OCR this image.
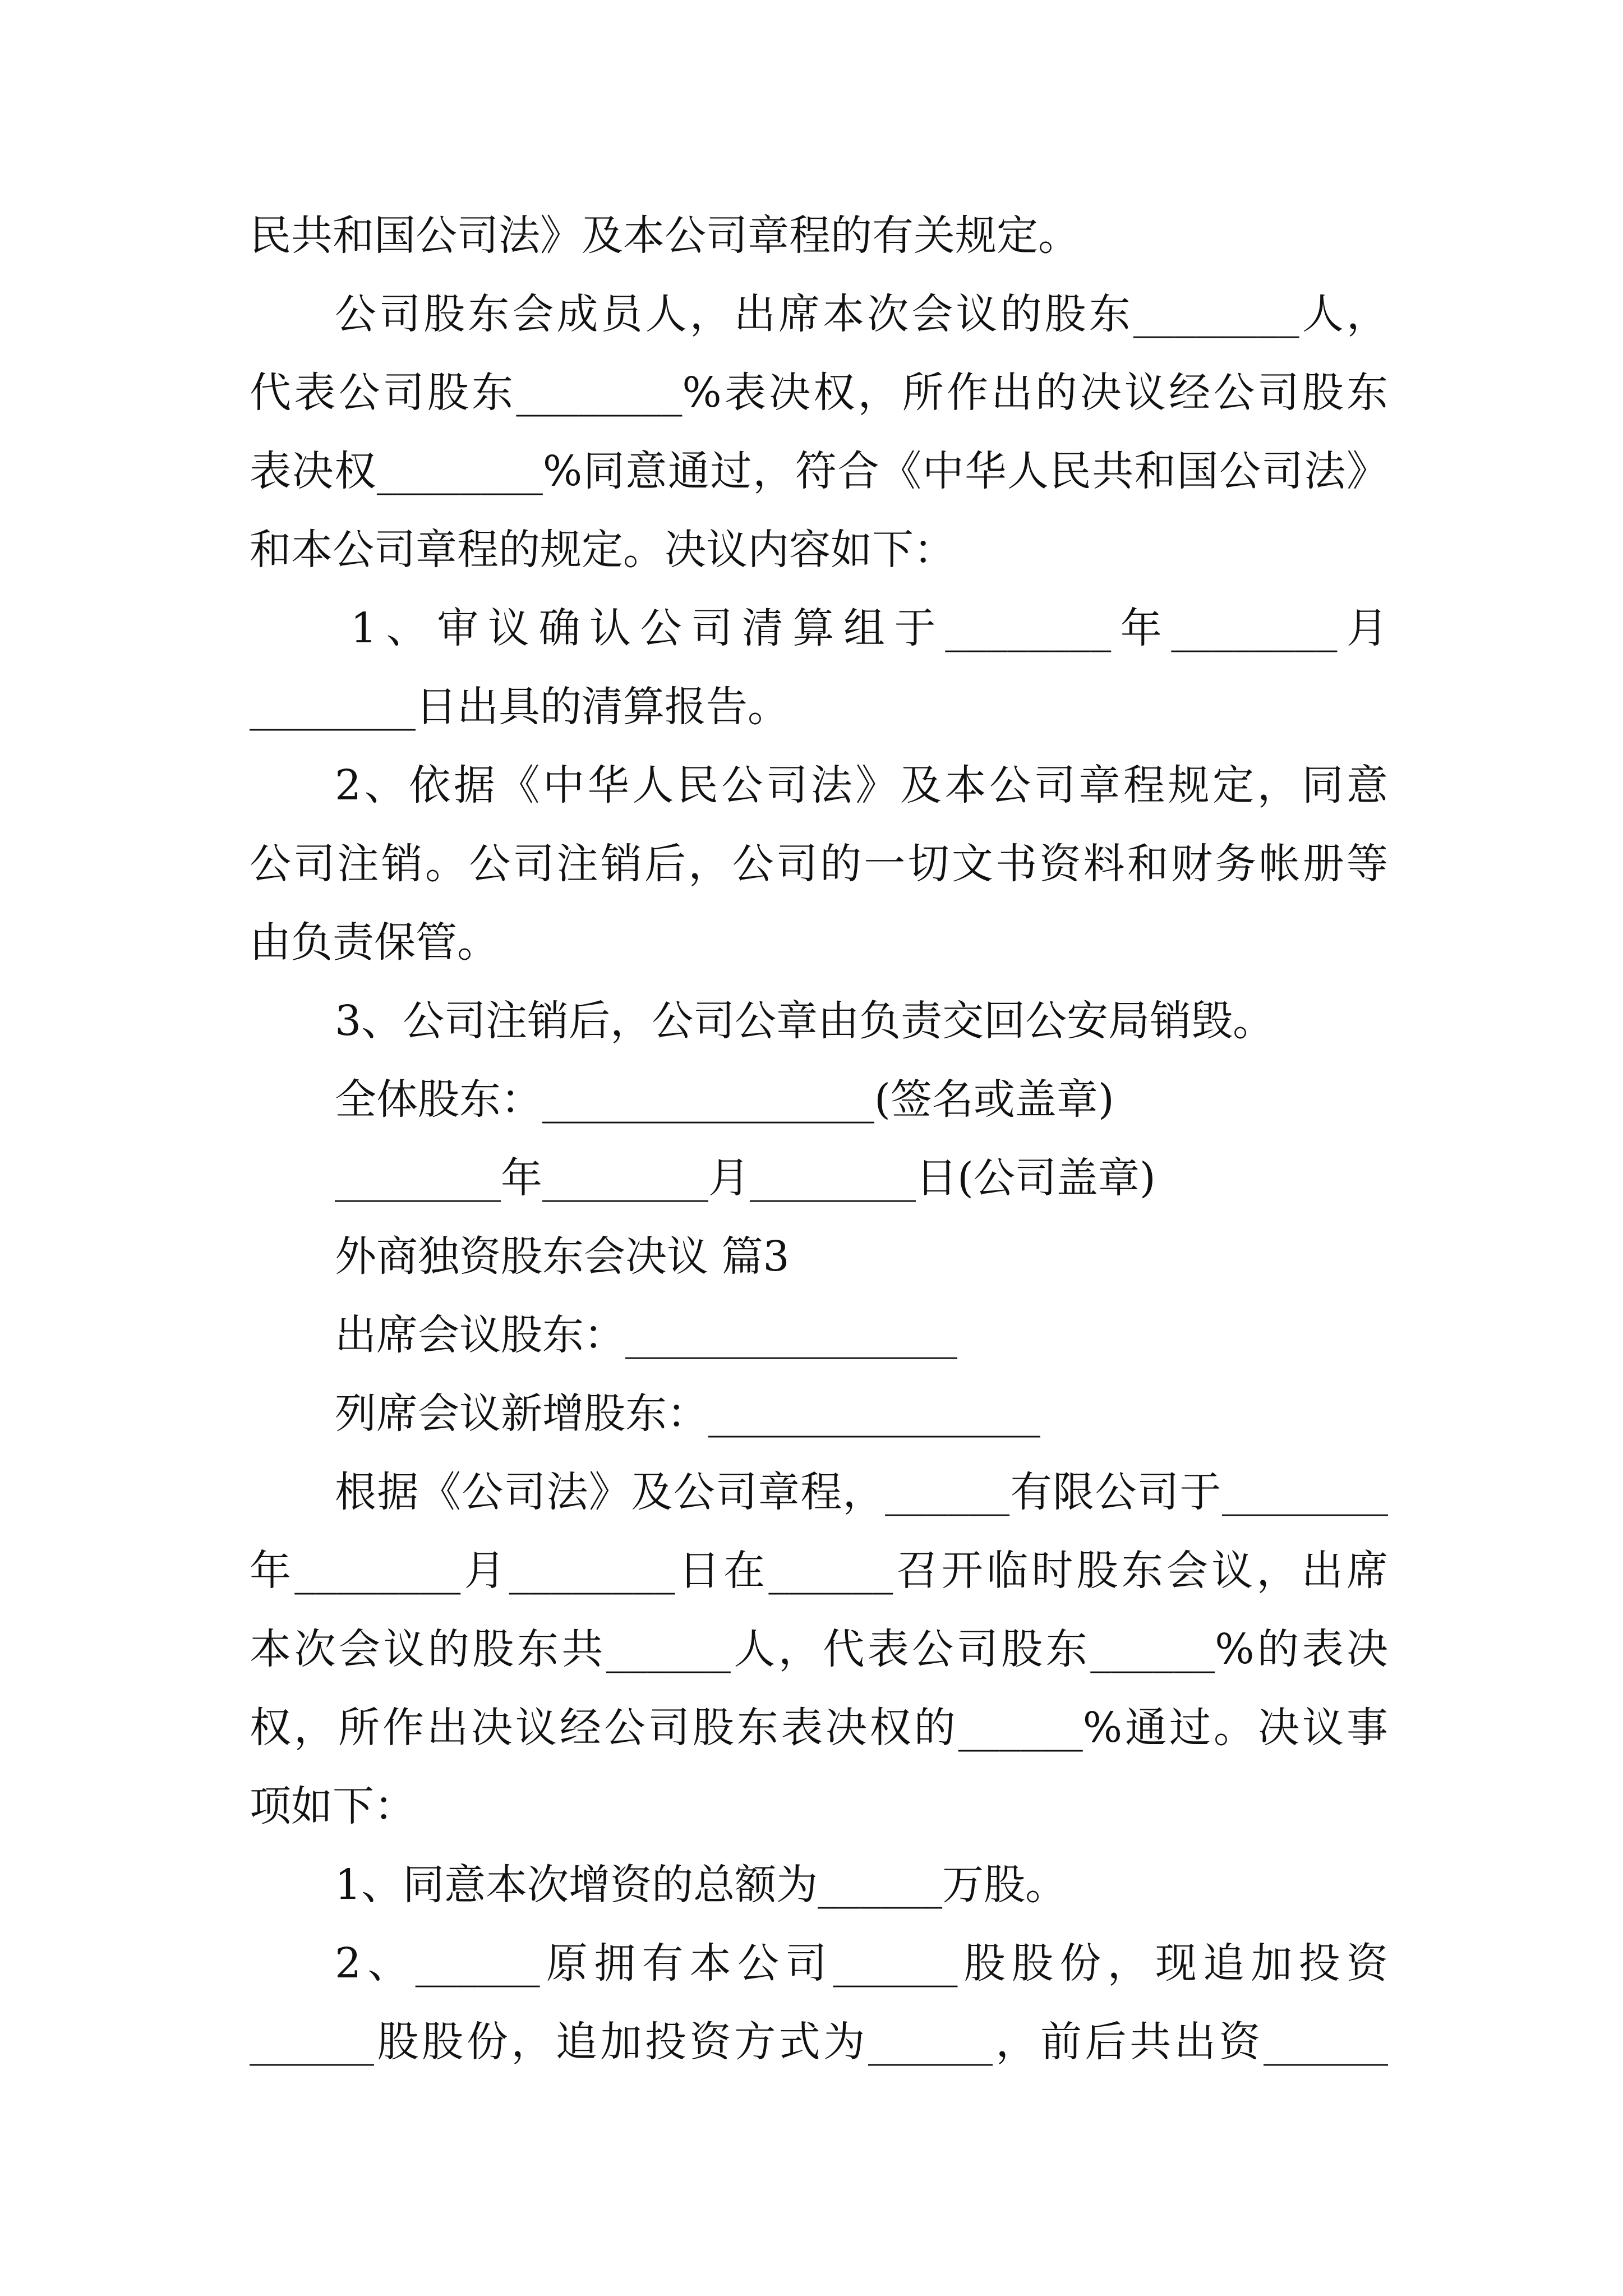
民共和国公司法》及本公司章程的有关规定。
公司股东会成员人，出席本次会议的股东________人，
代表公司股东________%表决权，所作出的决议经公司股东
表决权________%同意通过，符合《中华人民共和国公司法》
和本公司章程的规定。决议内容如下：
1、审议确认公司清算组于________年________月
________日出具的清算报告。
2、依据《中华人民公司法》及本公司章程规定，同意
公司注销。公司注销后，公司的一切文书资料和财务帐册等
由负责保管。
3、公司注销后，公司公章由负责交回公安局销毁。
全体股东：________________(签名或盖章)
________年________月________日(公司盖章)
外商独资股东会决议 篇3
出席会议股东：________________
列席会议新增股东：________________
根据《公司法》及公司章程，______有限公司于________
年________月________日在______召开临时股东会议，出席
本次会议的股东共______人，代表公司股东______%的表决
权，所作出决议经公司股东表决权的______%通过。决议事
项如下：
1、同意本次增资的总额为______万股。
2、______原拥有本公司______股股份，现追加投资
______股股份，追加投资方式为______，前后共出资______
